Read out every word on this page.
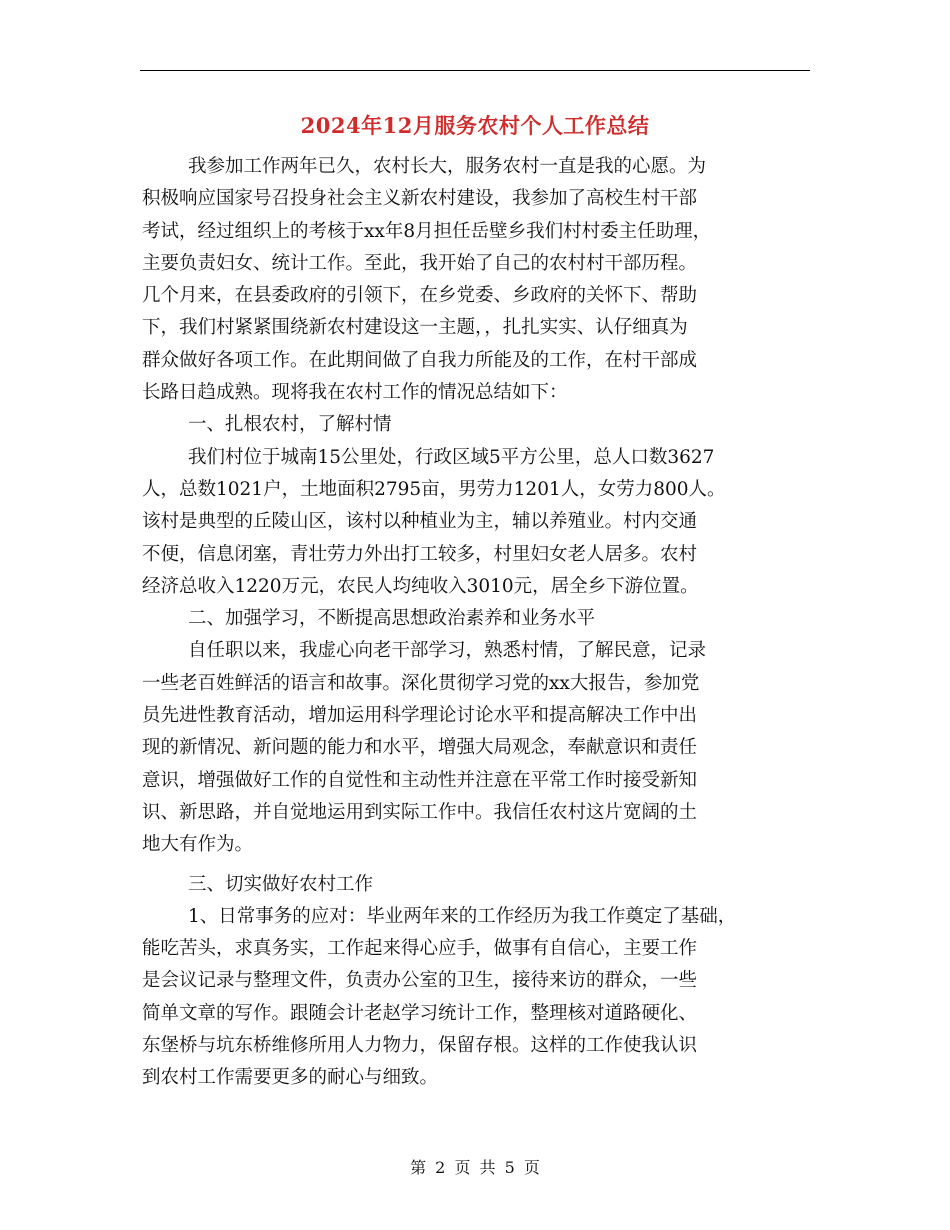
2024年12月服务农村个人工作总结
我参加工作两年已久，农村长大，服务农村一直是我的心愿。为
积极响应国家号召投身社会主义新农村建设，我参加了高校生村干部
考试，经过组织上的考核于xx年8月担任岳壁乡我们村村委主任助理，
主要负责妇女、统计工作。至此，我开始了自己的农村村干部历程。
几个月来，在县委政府的引领下，在乡党委、乡政府的关怀下、帮助
下，我们村紧紧围绕新农村建设这一主题，，扎扎实实、认仔细真为
群众做好各项工作。在此期间做了自我力所能及的工作，在村干部成
长路日趋成熟。现将我在农村工作的情况总结如下：
一、扎根农村，了解村情
我们村位于城南15公里处，行政区域5平方公里，总人口数3627
人，总数1021户，土地面积2795亩，男劳力1201人，女劳力800人。
该村是典型的丘陵山区，该村以种植业为主，辅以养殖业。村内交通
不便，信息闭塞，青壮劳力外出打工较多，村里妇女老人居多。农村
经济总收入1220万元，农民人均纯收入3010元，居全乡下游位置。
二、加强学习，不断提高思想政治素养和业务水平
自任职以来，我虚心向老干部学习，熟悉村情，了解民意，记录
一些老百姓鲜活的语言和故事。深化贯彻学习党的xx大报告，参加党
员先进性教育活动，增加运用科学理论讨论水平和提高解决工作中出
现的新情况、新问题的能力和水平，增强大局观念，奉献意识和责任
意识，增强做好工作的自觉性和主动性并注意在平常工作时接受新知
识、新思路，并自觉地运用到实际工作中。我信任农村这片宽阔的土
地大有作为。
三、切实做好农村工作
1、日常事务的应对：毕业两年来的工作经历为我工作奠定了基础，
能吃苦头，求真务实，工作起来得心应手，做事有自信心，主要工作
是会议记录与整理文件，负责办公室的卫生，接待来访的群众，一些
简单文章的写作。跟随会计老赵学习统计工作，整理核对道路硬化、
东堡桥与坑东桥维修所用人力物力，保留存根。这样的工作使我认识
到农村工作需要更多的耐心与细致。
第 2 页 共 5 页
